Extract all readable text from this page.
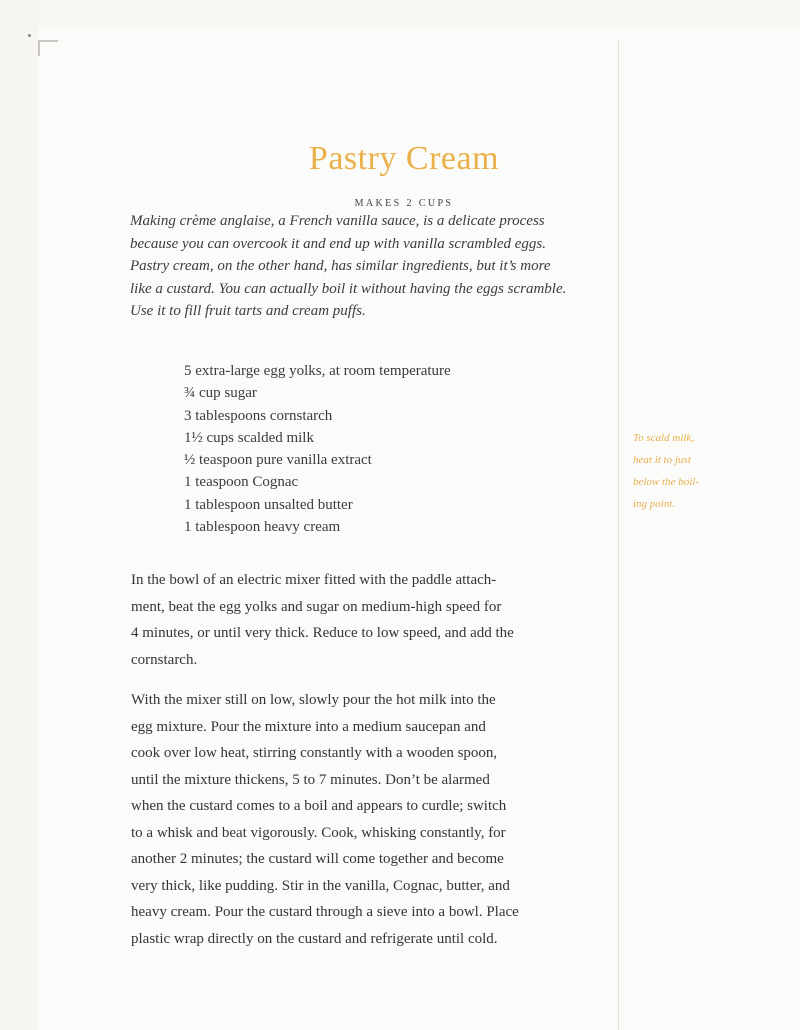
Pastry Cream
MAKES 2 CUPS

Making crème anglaise, a French vanilla sauce, is a delicate process
because you can overcook it and end up with vanilla scrambled eggs.
Pastry cream, on the other hand, has similar ingredients, but it’s more
like a custard. You can actually boil it without having the eggs scramble.
Use it to fill fruit tarts and cream puffs.

5 extra-large egg yolks, at room temperature
¾ cup sugar
3 tablespoons cornstarch
1½ cups scalded milk
½ teaspoon pure vanilla extract
1 teaspoon Cognac
1 tablespoon unsalted butter
1 tablespoon heavy cream
To scald milk,
heat it to just
below the boil-
ing point.

In the bowl of an electric mixer fitted with the paddle attach-
ment, beat the egg yolks and sugar on medium-high speed for
4 minutes, or until very thick. Reduce to low speed, and add the
cornstarch.

With the mixer still on low, slowly pour the hot milk into the
egg mixture. Pour the mixture into a medium saucepan and
cook over low heat, stirring constantly with a wooden spoon,
until the mixture thickens, 5 to 7 minutes. Don’t be alarmed
when the custard comes to a boil and appears to curdle; switch
to a whisk and beat vigorously. Cook, whisking constantly, for
another 2 minutes; the custard will come together and become
very thick, like pudding. Stir in the vanilla, Cognac, butter, and
heavy cream. Pour the custard through a sieve into a bowl. Place
plastic wrap directly on the custard and refrigerate until cold.
